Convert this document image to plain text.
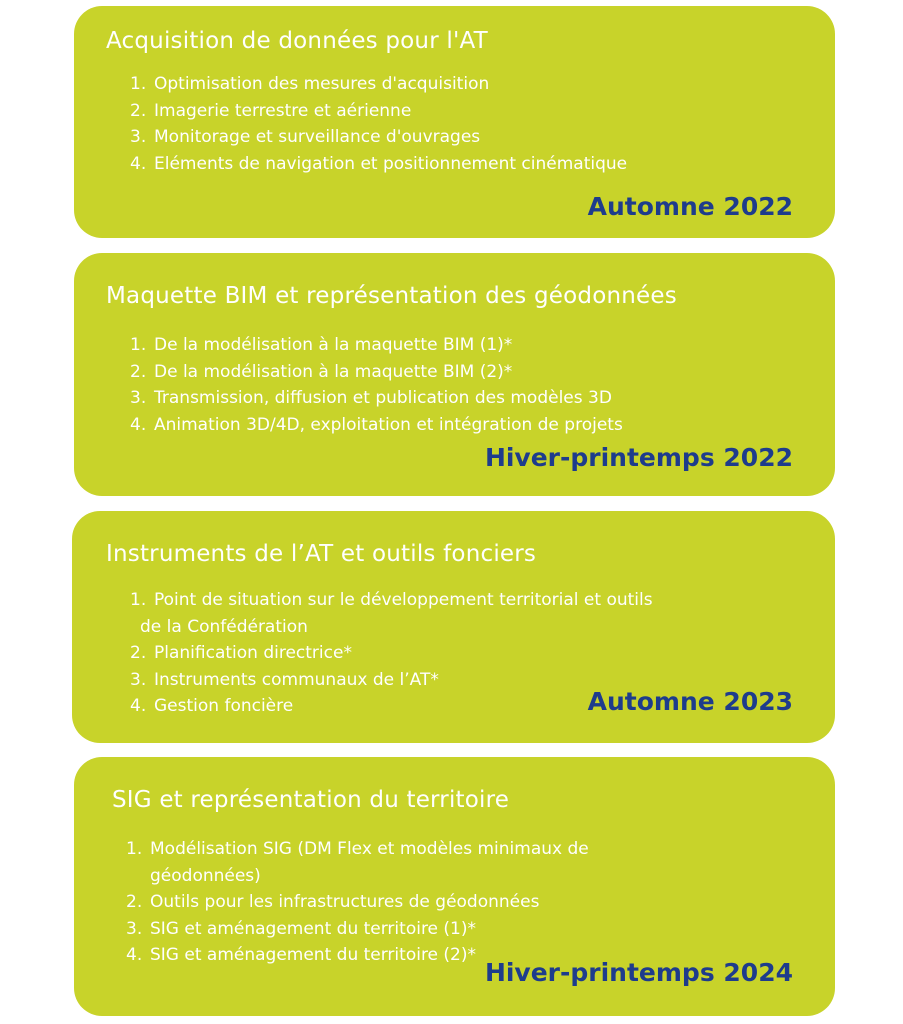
Acquisition de données pour l'AT
1. Optimisation des mesures d'acquisition
2. Imagerie terrestre et aérienne
3. Monitorage et surveillance d'ouvrages
4. Eléments de navigation et positionnement cinématique
Automne 2022
Maquette BIM et représentation des géodonnées
1. De la modélisation à la maquette BIM (1)*
2. De la modélisation à la maquette BIM (2)*
3. Transmission, diffusion et publication des modèles 3D
4. Animation 3D/4D, exploitation et intégration de projets
Hiver-printemps 2022
Instruments de l’AT et outils fonciers
1. Point de situation sur le développement territorial et outils
de la Confédération
2. Planification directrice*
3. Instruments communaux de l’AT*
4. Gestion foncière	Automne 2023
SIG et représentation du territoire
1. Modélisation SIG (DM Flex et modèles minimaux de
géodonnées)
2. Outils pour les infrastructures de géodonnées
3. SIG et aménagement du territoire (1)*
4. SIG et aménagement du territoire (2)*
Hiver-printemps 2024
